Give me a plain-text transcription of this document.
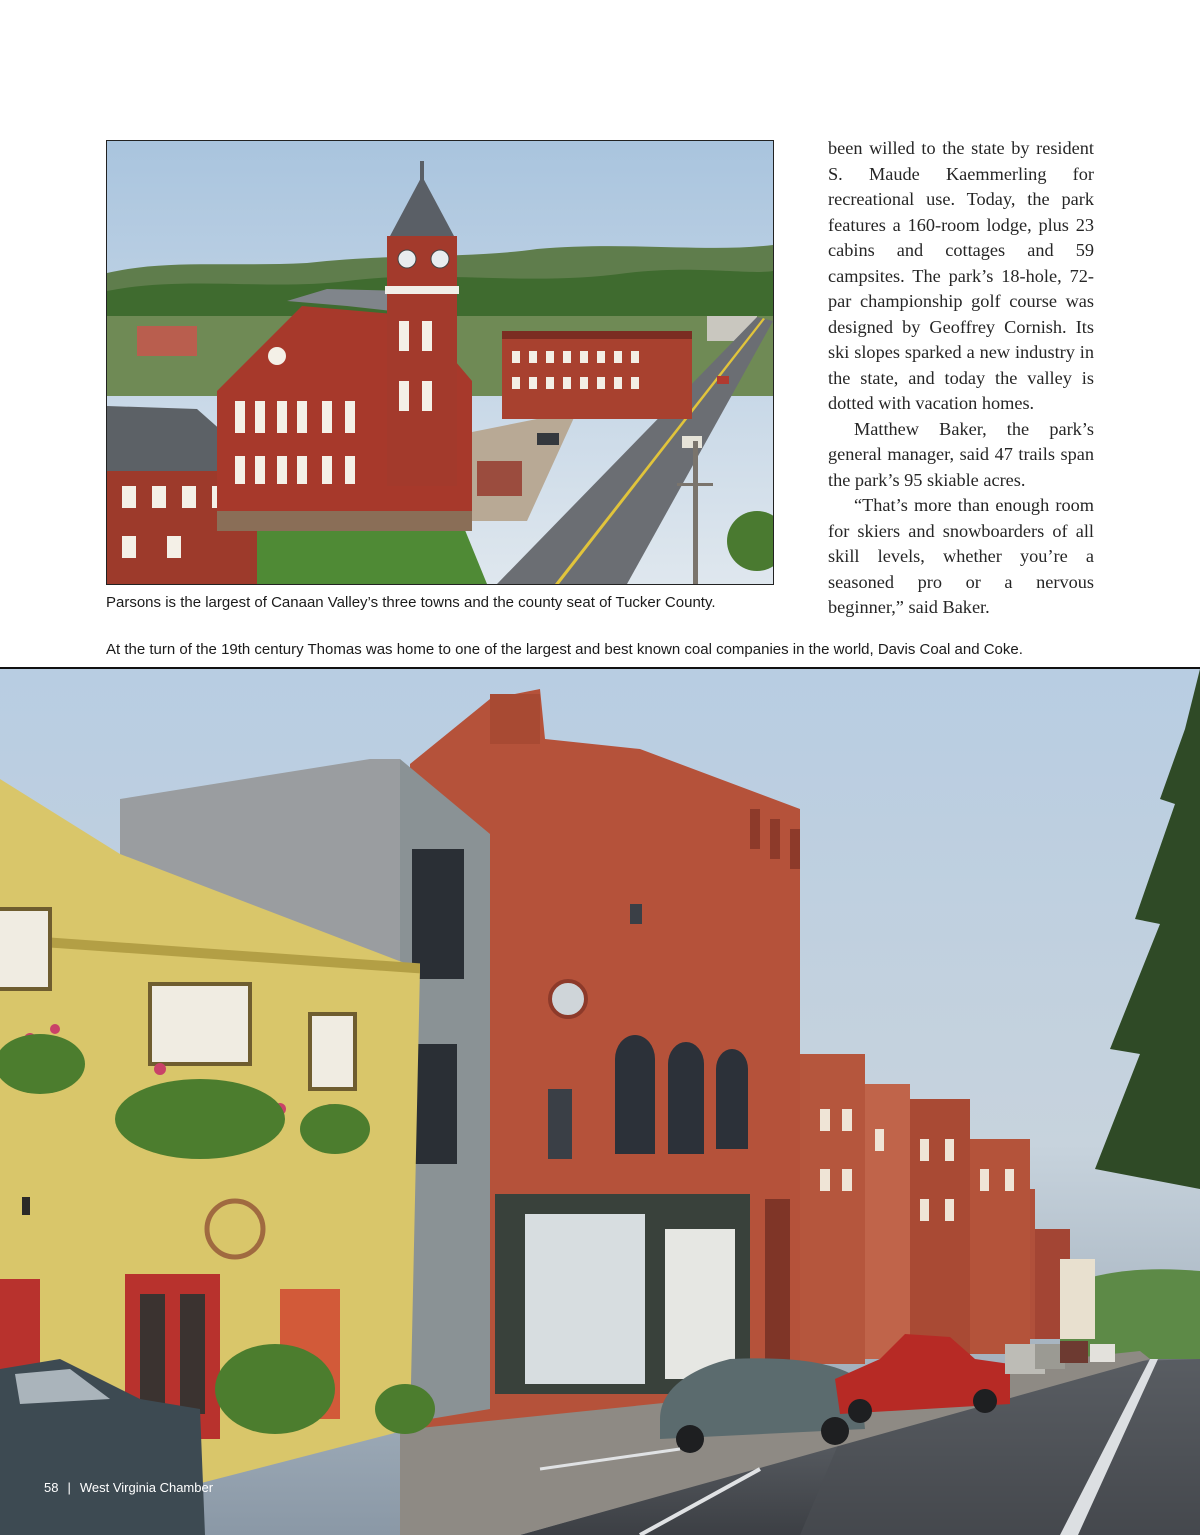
been willed to the state by resident S. Maude Kaemmerling for recreational use. Today, the park features a 160-room lodge, plus 23 cabins and cottages and 59 campsites. The park’s 18-hole, 72-par championship golf course was designed by Geoffrey Cornish. Its ski slopes sparked a new industry in the state, and today the valley is dotted with vacation homes.

Matthew Baker, the park’s general manager, said 47 trails span the park’s 95 skiable acres.

“That’s more than enough room for skiers and snowboarders of all skill levels, whether you’re a seasoned pro or a nervous beginner,” said Baker.

Parsons is the largest of Canaan Valley’s three towns and the county seat of Tucker County.
At the turn of the 19th century Thomas was home to one of the largest and best known coal companies in the world, Davis Coal and Coke.
58 | West Virginia Chamber
